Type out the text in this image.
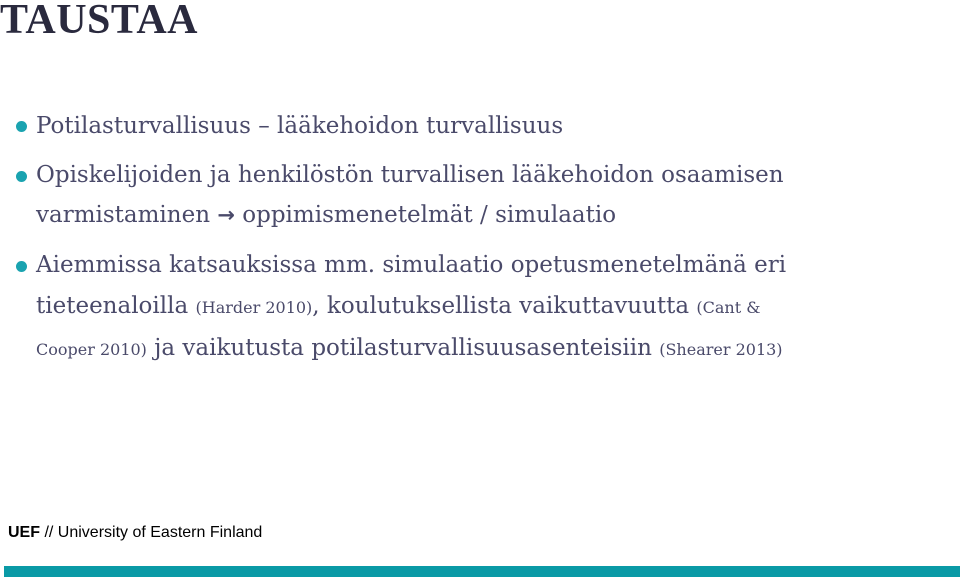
TAUSTAA
Potilasturvallisuus – lääkehoidon turvallisuus
Opiskelijoiden ja henkilöstön turvallisen lääkehoidon osaamisen
varmistaminen → oppimismenetelmät / simulaatio
Aiemmissa katsauksissa mm. simulaatio opetusmenetelmänä eri
tieteenaloilla (Harder 2010), koulutuksellista vaikuttavuutta (Cant &
Cooper 2010) ja vaikutusta potilasturvallisuusasenteisiin (Shearer 2013)
UEF // University of Eastern Finland
